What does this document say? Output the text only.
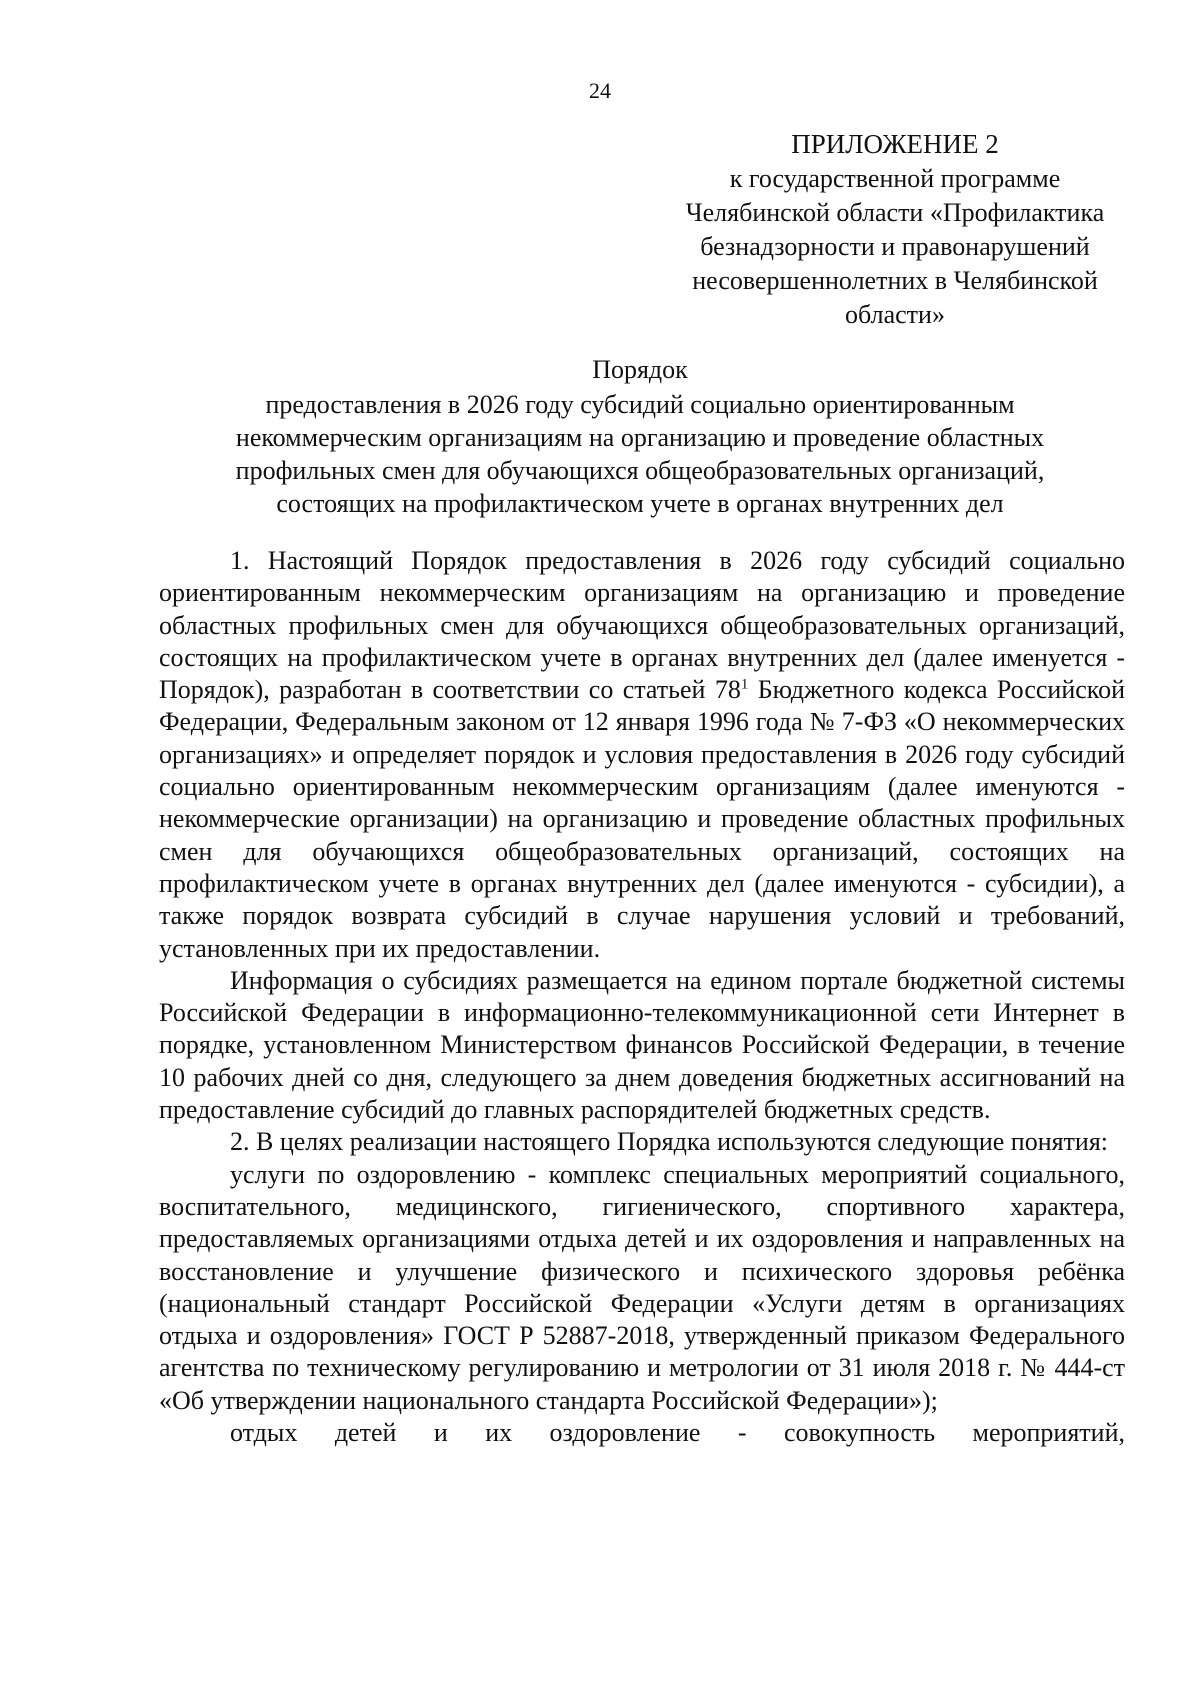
24
ПРИЛОЖЕНИЕ 2
к государственной программе
Челябинской области «Профилактика
безнадзорности и правонарушений
несовершеннолетних в Челябинской
области»
Порядок
предоставления в 2026 году субсидий социально ориентированным
некоммерческим организациям на организацию и проведение областных
профильных смен для обучающихся общеобразовательных организаций,
состоящих на профилактическом учете в органах внутренних дел

1. Настоящий Порядок предоставления в 2026 году субсидий социально ориентированным некоммерческим организациям на организацию и проведение областных профильных смен для обучающихся общеобразовательных организаций, состоящих на профилактическом учете в органах внутренних дел (далее именуется - Порядок), разработан в соответствии со статьей $78^1$ Бюджетного кодекса Российской Федерации, Федеральным законом от 12 января 1996 года № 7-ФЗ «О некоммерческих организациях» и определяет порядок и условия предоставления в 2026 году субсидий социально ориентированным некоммерческим организациям (далее именуются - некоммерческие организации) на организацию и проведение областных профильных смен для обучающихся общеобразовательных организаций, состоящих на профилактическом учете в органах внутренних дел (далее именуются - субсидии), а также порядок возврата субсидий в случае нарушения условий и требований, установленных при их предоставлении.

Информация о субсидиях размещается на едином портале бюджетной системы Российской Федерации в информационно-телекоммуникационной сети Интернет в порядке, установленном Министерством финансов Российской Федерации, в течение 10 рабочих дней со дня, следующего за днем доведения бюджетных ассигнований на предоставление субсидий до главных распорядителей бюджетных средств.

2. В целях реализации настоящего Порядка используются следующие понятия:

услуги по оздоровлению - комплекс специальных мероприятий социального, воспитательного, медицинского, гигиенического, спортивного характера, предоставляемых организациями отдыха детей и их оздоровления и направленных на восстановление и улучшение физического и психического здоровья ребёнка (национальный стандарт Российской Федерации «Услуги детям в организациях отдыха и оздоровления» ГОСТ Р 52887-2018, утвержденный приказом Федерального агентства по техническому регулированию и метрологии от 31 июля 2018 г. № 444-ст «Об утверждении национального стандарта Российской Федерации»);

отдых детей и их оздоровление - совокупность мероприятий,
